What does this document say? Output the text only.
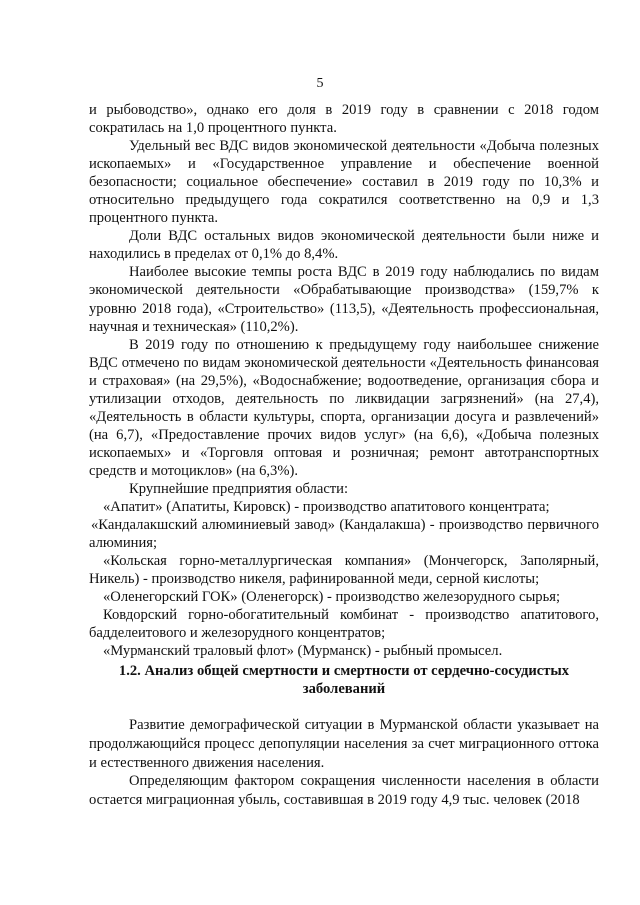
5

и рыбоводство», однако его доля в 2019 году в сравнении с 2018 годом сократилась на 1,0 процентного пункта.

Удельный вес ВДС видов экономической деятельности «Добыча полезных ископаемых» и «Государственное управление и обеспечение военной безопасности; социальное обеспечение» составил в 2019 году по 10,3% и относительно предыдущего года сократился соответственно на 0,9 и 1,3 процентного пункта.

Доли ВДС остальных видов экономической деятельности были ниже и находились в пределах от 0,1% до 8,4%.

Наиболее высокие темпы роста ВДС в 2019 году наблюдались по видам экономической деятельности «Обрабатывающие производства» (159,7% к уровню 2018 года), «Строительство» (113,5), «Деятельность профессиональная, научная и техническая» (110,2%).

В 2019 году по отношению к предыдущему году наибольшее снижение ВДС отмечено по видам экономической деятельности «Деятельность финансовая и страховая» (на 29,5%), «Водоснабжение; водоотведение, организация сбора и утилизации отходов, деятельность по ликвидации загрязнений» (на 27,4), «Деятельность в области культуры, спорта, организации досуга и развлечений» (на 6,7), «Предоставление прочих видов услуг» (на 6,6), «Добыча полезных ископаемых» и «Торговля оптовая и розничная; ремонт автотранспортных средств и мотоциклов» (на 6,3%).

Крупнейшие предприятия области:

«Апатит» (Апатиты, Кировск) - производство апатитового концентрата;

«Кандалакшский алюминиевый завод» (Кандалакша) - производство первичного алюминия;

«Кольская горно-металлургическая компания» (Мончегорск, Заполярный, Никель) - производство никеля, рафинированной меди, серной кислоты;

«Оленегорский ГОК» (Оленегорск) - производство железорудного сырья;

Ковдорский горно-обогатительный комбинат - производство апатитового, бадделеитового и железорудного концентратов;

«Мурманский траловый флот» (Мурманск) - рыбный промысел.

1.2. Анализ общей смертности и смертности от сердечно-сосудистых заболеваний

Развитие демографической ситуации в Мурманской области указывает на продолжающийся процесс депопуляции населения за счет миграционного оттока и естественного движения населения.

Определяющим фактором сокращения численности населения в области остается миграционная убыль, составившая в 2019 году 4,9 тыс. человек (2018
